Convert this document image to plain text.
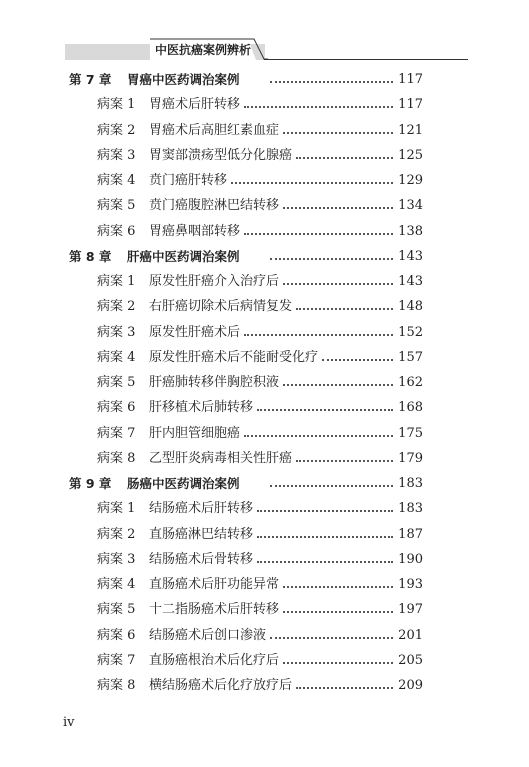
中医抗癌案例辨析
第 7 章 胃癌中医药调治案例	117
病案 1 胃癌术后肝转移	117
病案 2 胃癌术后高胆红素血症	121
病案 3 胃窦部溃疡型低分化腺癌	125
病案 4 贲门癌肝转移	129
病案 5 贲门癌腹腔淋巴结转移	134
病案 6 胃癌鼻咽部转移	138
第 8 章 肝癌中医药调治案例	143
病案 1 原发性肝癌介入治疗后	143
病案 2 右肝癌切除术后病情复发	148
病案 3 原发性肝癌术后	152
病案 4 原发性肝癌术后不能耐受化疗	157
病案 5 肝癌肺转移伴胸腔积液	162
病案 6 肝移植术后肺转移	168
病案 7 肝内胆管细胞癌	175
病案 8 乙型肝炎病毒相关性肝癌	179
第 9 章 肠癌中医药调治案例	183
病案 1 结肠癌术后肝转移	183
病案 2 直肠癌淋巴结转移	187
病案 3 结肠癌术后骨转移	190
病案 4 直肠癌术后肝功能异常	193
病案 5 十二指肠癌术后肝转移	197
病案 6 结肠癌术后创口渗液	201
病案 7 直肠癌根治术后化疗后	205
病案 8 横结肠癌术后化疗放疗后	209
iv
